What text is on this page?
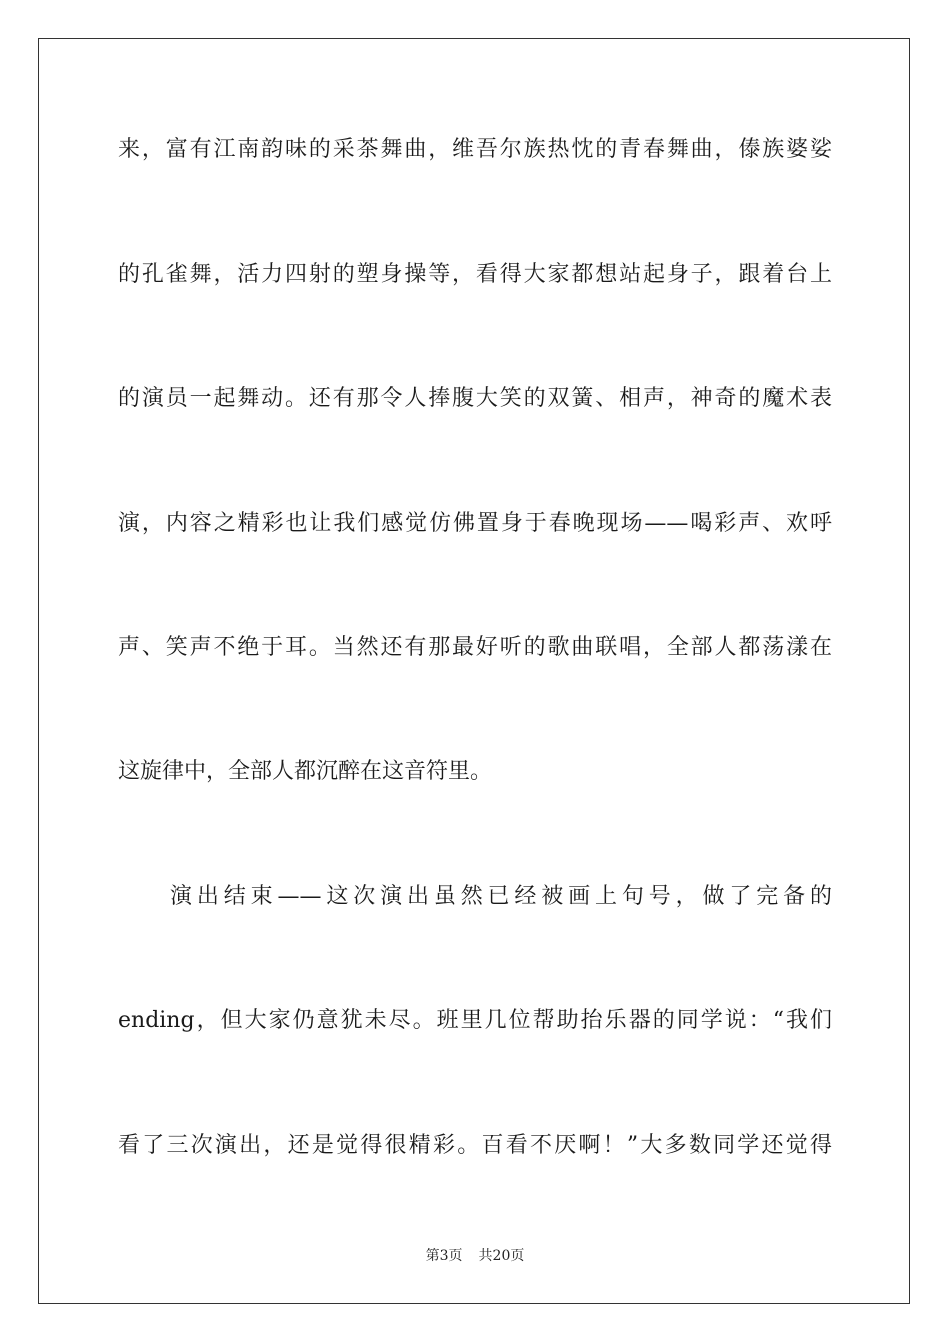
来，富有江南韵味的采茶舞曲，维吾尔族热忱的青春舞曲，傣族婆娑
的孔雀舞，活力四射的塑身操等，看得大家都想站起身子，跟着台上
的演员一起舞动。还有那令人捧腹大笑的双簧、相声，神奇的魔术表
演，内容之精彩也让我们感觉仿佛置身于春晚现场——喝彩声、欢呼
声、笑声不绝于耳。当然还有那最好听的歌曲联唱，全部人都荡漾在
这旋律中，全部人都沉醉在这音符里。
演出结束——这次演出虽然已经被画上句号，做了完备的
ending，但大家仍意犹未尽。班里几位帮助抬乐器的同学说：“我们
看了三次演出，还是觉得很精彩。百看不厌啊！”大多数同学还觉得
第3页 共20页
